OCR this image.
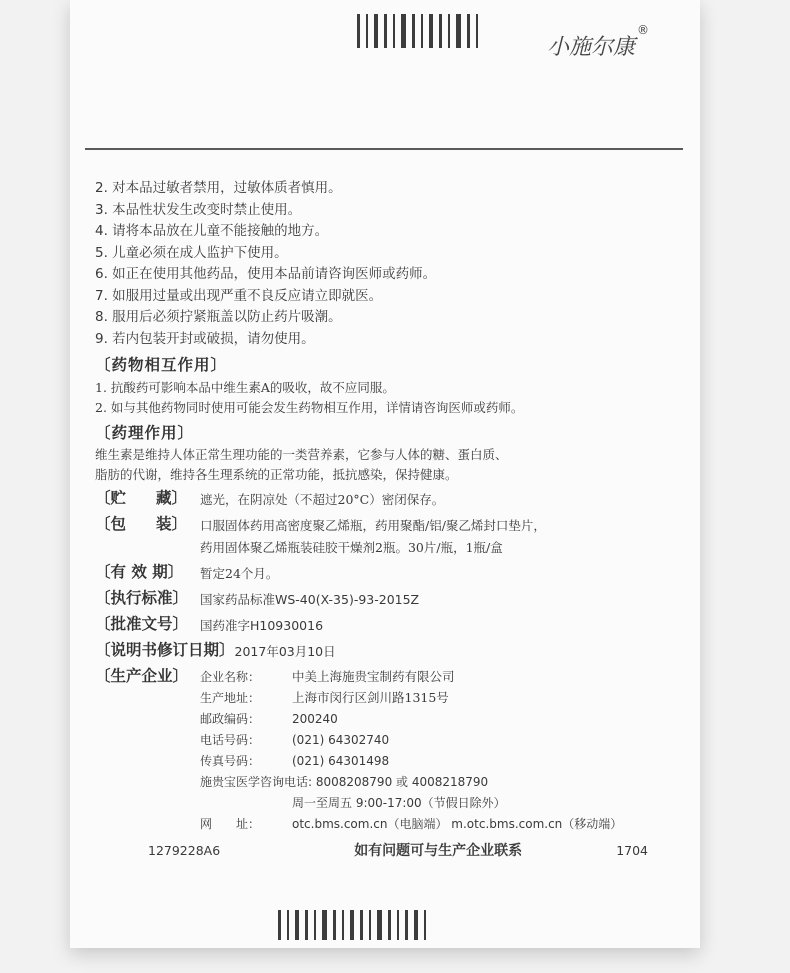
小施尔康
®
2. 对本品过敏者禁用，过敏体质者慎用。
3. 本品性状发生改变时禁止使用。
4. 请将本品放在儿童不能接触的地方。
5. 儿童必须在成人监护下使用。
6. 如正在使用其他药品，使用本品前请咨询医师或药师。
7. 如服用过量或出现严重不良反应请立即就医。
8. 服用后必须拧紧瓶盖以防止药片吸潮。
9. 若内包装开封或破损，请勿使用。
〔药物相互作用〕
1. 抗酸药可影响本品中维生素A的吸收，故不应同服。
2. 如与其他药物同时使用可能会发生药物相互作用，详情请咨询医师或药师。
〔药理作用〕
维生素是维持人体正常生理功能的一类营养素，它参与人体的糖、蛋白质、
脂肪的代谢，维持各生理系统的正常功能，抵抗感染，保持健康。
〔贮 藏〕 遮光，在阴凉处（不超过20°C）密闭保存。
〔包 装〕 口服固体药用高密度聚乙烯瓶，药用聚酯/铝/聚乙烯封口垫片，
药用固体聚乙烯瓶装硅胶干燥剂2瓶。30片/瓶，1瓶/盒
〔有 效 期〕	暂定24个月。
〔执行标准〕 国家药品标准WS-40(X-35)-93-2015Z
〔批准文号〕 国药准字H10930016
〔说明书修订日期〕 2017年03月10日
〔生产企业〕 企业名称：	中美上海施贵宝制药有限公司
生产地址：	上海市闵行区剑川路1315号
邮政编码：	200240
电话号码：	(021) 64302740
传真号码：	(021) 64301498
施贵宝医学咨询电话: 8008208790 或 4008218790
周一至周五 9:00-17:00（节假日除外）
网　　址：	otc.bms.com.cn（电脑端） m.otc.bms.com.cn（移动端）
1279228A6	如有问题可与生产企业联系	1704
